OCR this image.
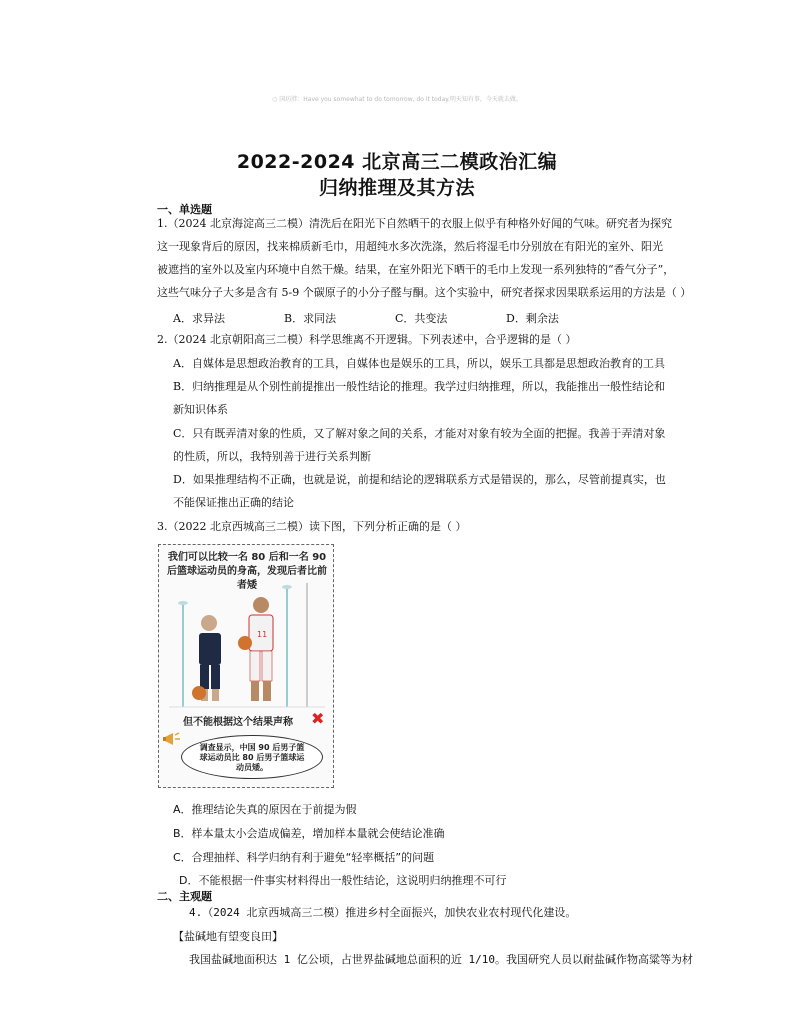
○ 国坊胖：Have you somewhat to do tomorrow, do it today.明天知有事，今天就去做。
2022-2024 北京高三二模政治汇编
归纳推理及其方法
一、单选题
1.（2024 北京海淀高三二模）清洗后在阳光下自然晒干的衣服上似乎有种格外好闻的气味。研究者为探究
这一现象背后的原因，找来棉质新毛巾，用超纯水多次洗涤，然后将湿毛巾分别放在有阳光的室外、阳光
被遮挡的室外以及室内环境中自然干燥。结果，在室外阳光下晒干的毛巾上发现一系列独特的“香气分子”，
这些气味分子大多是含有 5-9 个碳原子的小分子醛与酮。这个实验中，研究者探求因果联系运用的方法是（ ）
A．求异法	B．求同法	C．共变法	D．剩余法
2.（2024 北京朝阳高三二模）科学思维离不开逻辑。下列表述中，合乎逻辑的是（ ）
A．自媒体是思想政治教育的工具，自媒体也是娱乐的工具，所以，娱乐工具都是思想政治教育的工具
B．归纳推理是从个别性前提推出一般性结论的推理。我学过归纳推理，所以，我能推出一般性结论和
新知识体系
C．只有既弄清对象的性质，又了解对象之间的关系，才能对对象有较为全面的把握。我善于弄清对象
的性质，所以，我特别善于进行关系判断
D．如果推理结构不正确，也就是说，前提和结论的逻辑联系方式是错误的，那么，尽管前提真实，也
不能保证推出正确的结论
3.（2022 北京西城高三二模）读下图，下列分析正确的是（ ）
我们可以比较一名 80 后和一名 90 后篮球运动员的身高，发现后者比前者矮
11
但不能根据这个结果声称	✖
调查显示，中国 90 后男子篮球运动员比 80 后男子篮球运动员矮。
A．推理结论失真的原因在于前提为假
B．样本量太小会造成偏差，增加样本量就会使结论准确
C．合理抽样、科学归纳有利于避免“轻率概括”的问题
D．不能根据一件事实材料得出一般性结论，这说明归纳推理不可行
二、主观题
4.（2024 北京西城高三二模）推进乡村全面振兴，加快农业农村现代化建设。
【盐碱地有望变良田】
我国盐碱地面积达 1 亿公顷，占世界盐碱地总面积的近 1/10。我国研究人员以耐盐碱作物高粱等为材
